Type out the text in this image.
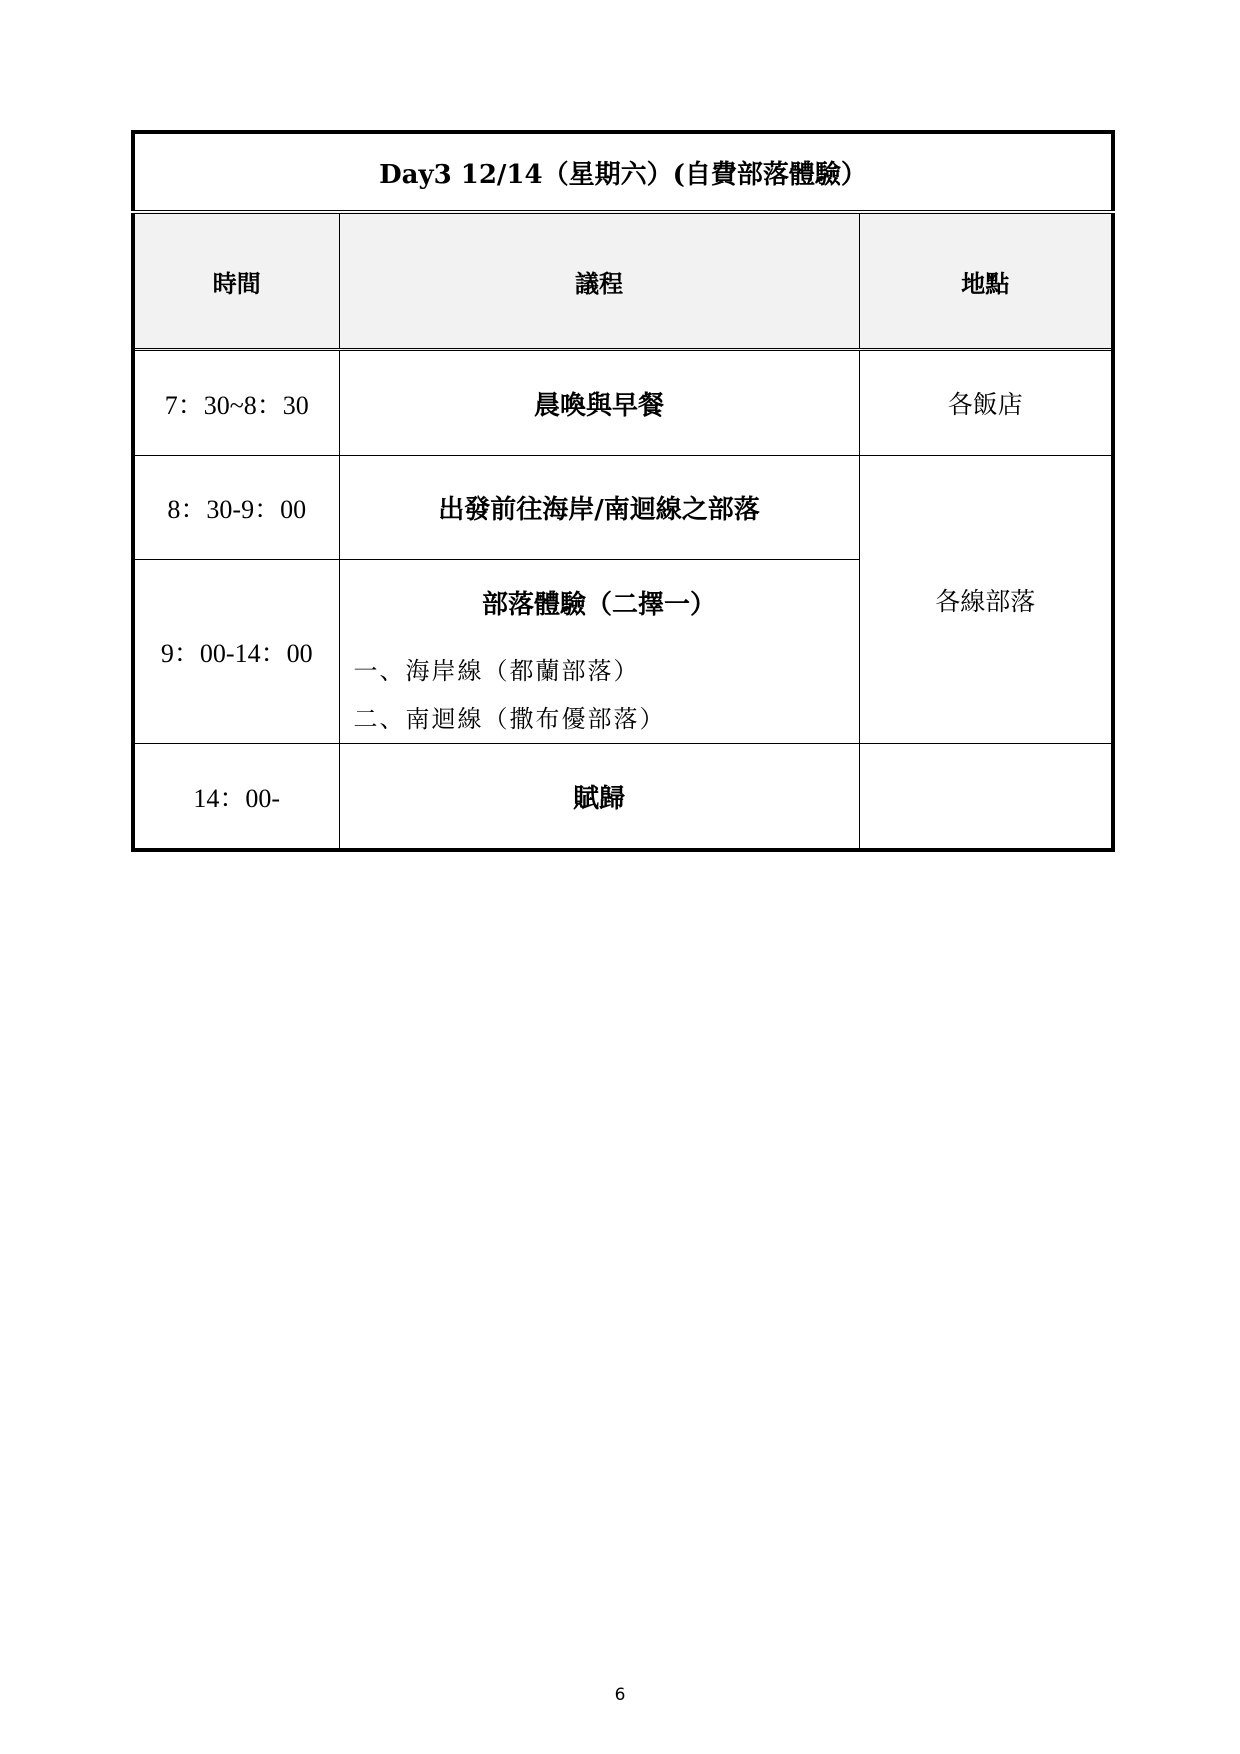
Day3 12/14（星期六）(自費部落體驗）		
時間	議程	地點
7：30~8：30	晨喚與早餐	各飯店
8：30-9：00	出發前往海岸/南迴線之部落	各線部落
9：00-14：00	部落體驗（二擇一）
一、海岸線（都蘭部落）
二、南迴線（撒布優部落）	

14：00-	賦歸	
6
